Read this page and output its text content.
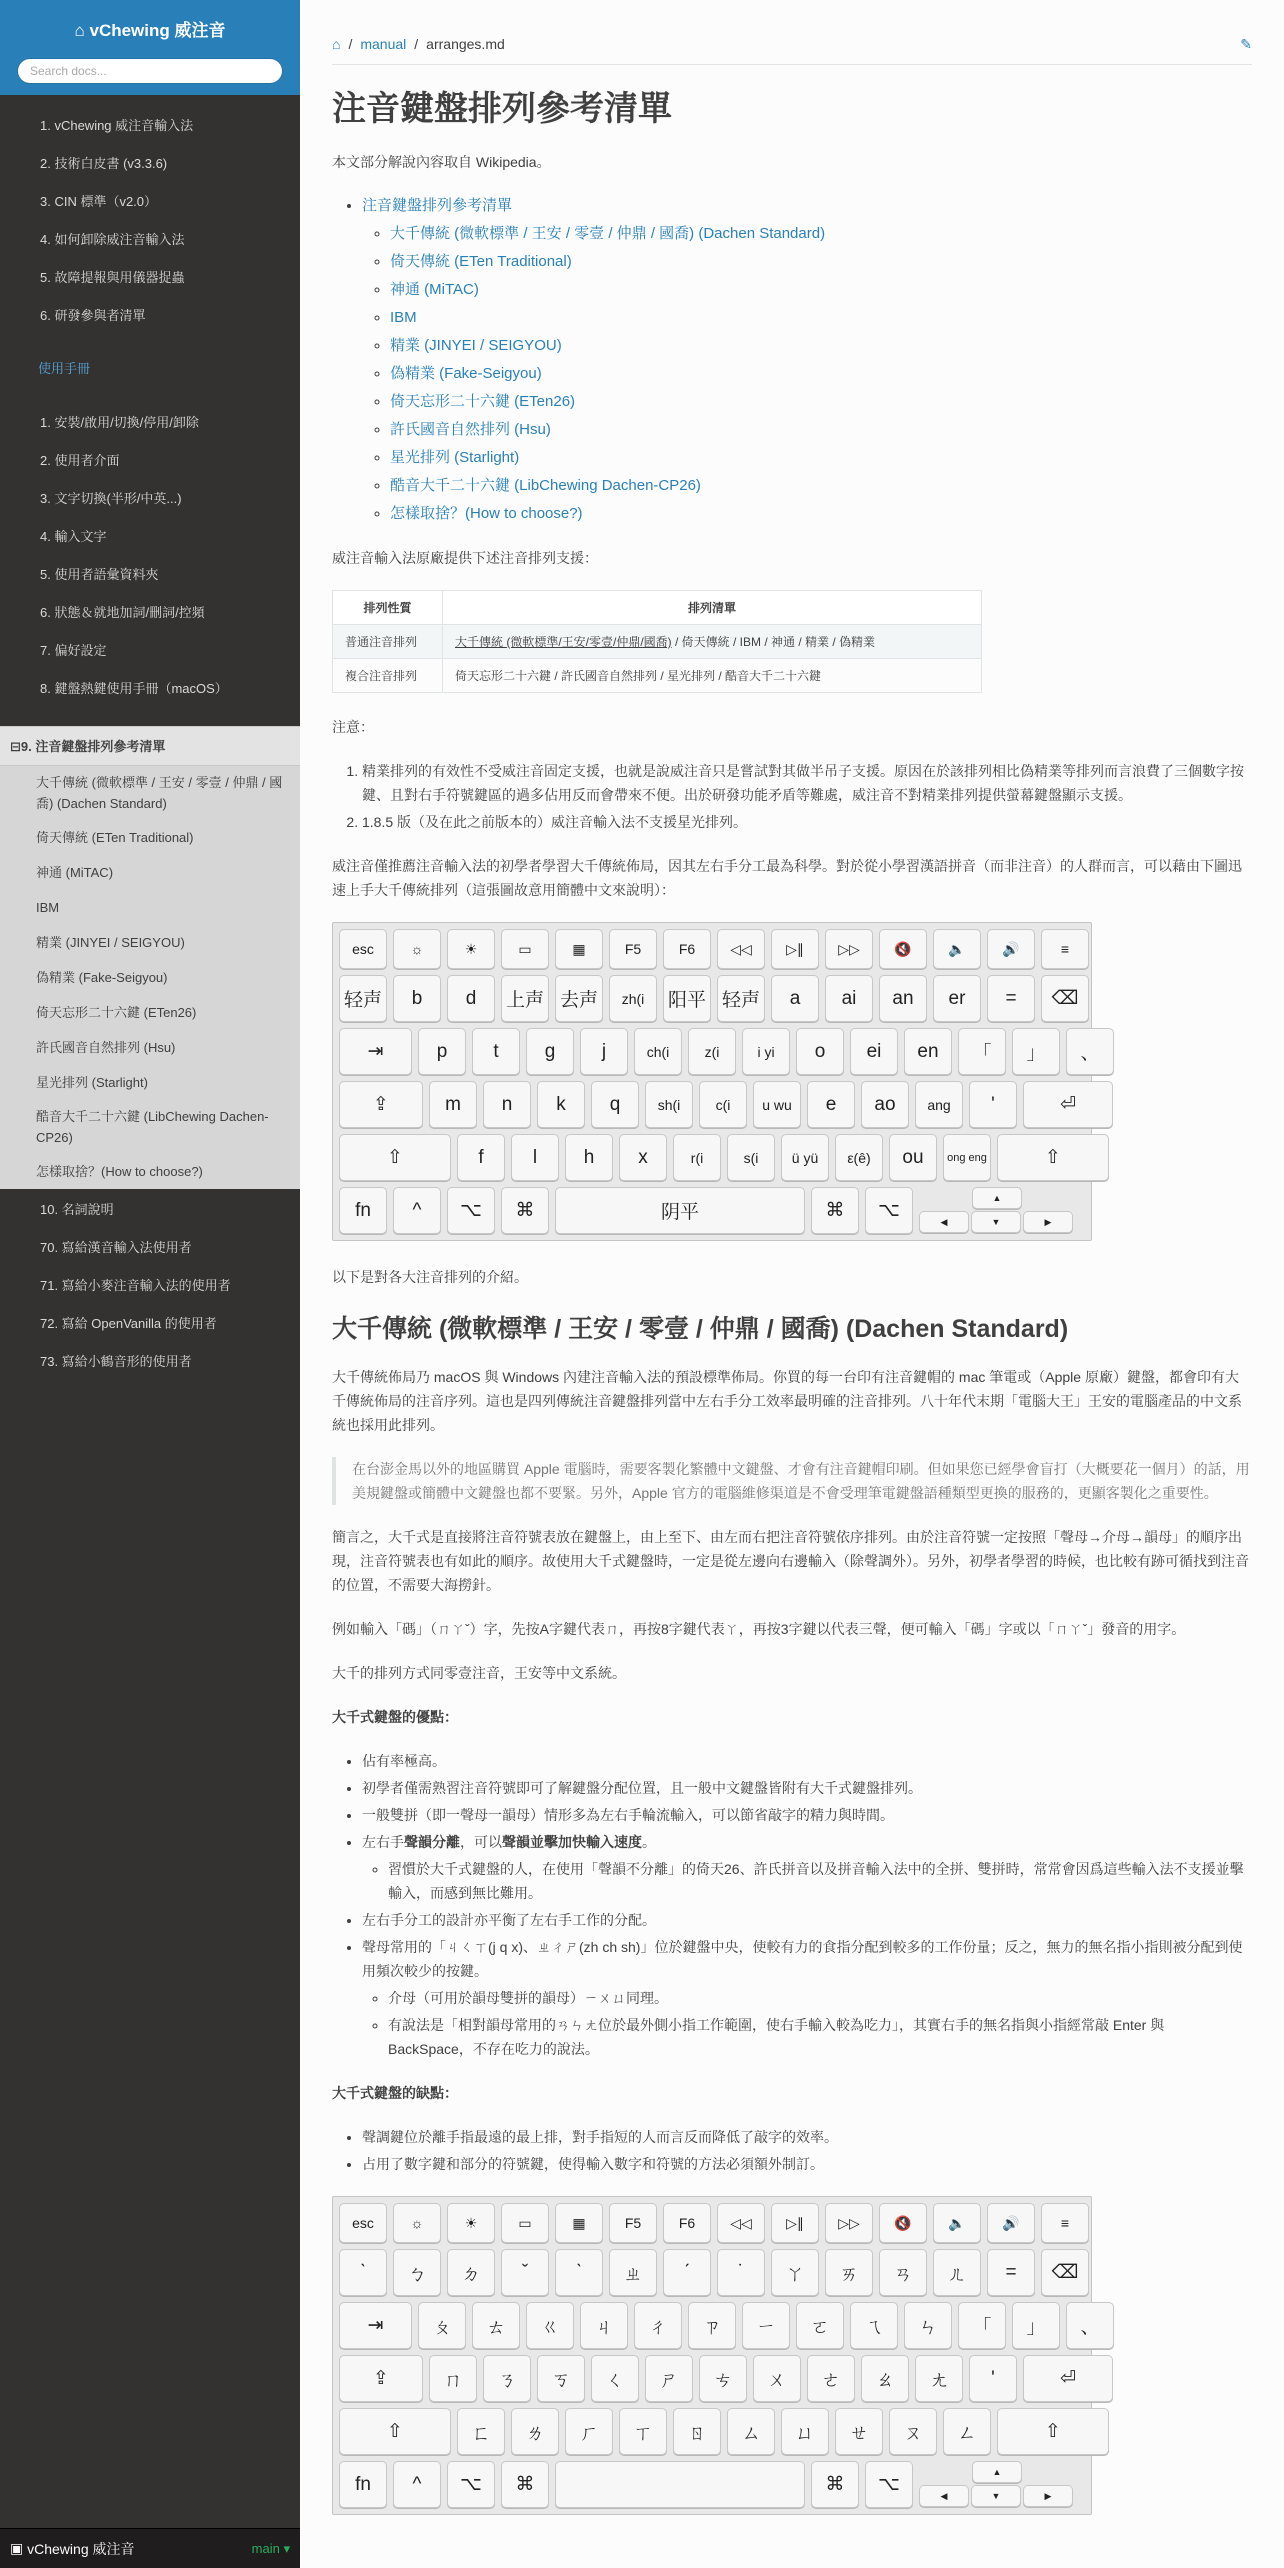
⌂ vChewing 威注音
Search docs...
1. vChewing 威注音輸入法
2. 技術白皮書 (v3.3.6)
3. CIN 標準（v2.0）
4. 如何卸除威注音輸入法
5. 故障提報與用儀器捉蟲
6. 研發參與者清單
使用手冊
1. 安裝/啟用/切換/停用/卸除
2. 使用者介面
3. 文字切換(半形/中英...)
4. 輸入文字
5. 使用者語彙資料夾
6. 狀態＆就地加詞/刪詞/控頻
7. 偏好設定
8. 鍵盤熱鍵使用手冊（macOS）
⊟9. 注音鍵盤排列參考清單
大千傳統 (微軟標準 / 王安 / 零壹 / 仲鼎 / 國喬) (Dachen Standard)
倚天傳統 (ETen Traditional)
神通 (MiTAC)
IBM
精業 (JINYEI / SEIGYOU)
偽精業 (Fake-Seigyou)
倚天忘形二十六鍵 (ETen26)
許氏國音自然排列 (Hsu)
星光排列 (Starlight)
酷音大千二十六鍵 (LibChewing Dachen-CP26)
怎樣取捨？(How to choose?)
10. 名詞說明
70. 寫給漢音輸入法使用者
71. 寫給小麥注音輸入法的使用者
72. 寫給 OpenVanilla 的使用者
73. 寫給小鶴音形的使用者
▣ vChewing 威注音	main ▾
⌂ / manual / arranges.md	✎
注音鍵盤排列參考清單

本文部分解說內容取自 Wikipedia。

• 注音鍵盤排列參考清單
◦ 大千傳統 (微軟標準 / 王安 / 零壹 / 仲鼎 / 國喬) (Dachen Standard)
◦ 倚天傳統 (ETen Traditional)
◦ 神通 (MiTAC)
◦ IBM
◦ 精業 (JINYEI / SEIGYOU)
◦ 偽精業 (Fake-Seigyou)
◦ 倚天忘形二十六鍵 (ETen26)
◦ 許氏國音自然排列 (Hsu)
◦ 星光排列 (Starlight)
◦ 酷音大千二十六鍵 (LibChewing Dachen-CP26)
◦ 怎樣取捨？(How to choose?)

威注音輸入法原廠提供下述注音排列支援：

排列性質	排列清單
普通注音排列	大千傳統 (微軟標準/王安/零壹/仲鼎/國喬) / 倚天傳統 / IBM / 神通 / 精業 / 偽精業
複合注音排列	倚天忘形二十六鍵 / 許氏國音自然排列 / 星光排列 / 酷音大千二十六鍵

注意：

1. 精業排列的有效性不受威注音固定支援，也就是說威注音只是嘗試對其做半吊子支援。原因在於該排列相比偽精業等排列而言浪費了三個數字按鍵、且對右手符號鍵區的過多佔用反而會帶來不便。出於研發功能矛盾等難處，威注音不對精業排列提供螢幕鍵盤顯示支援。
2. 1.8.5 版（及在此之前版本的）威注音輸入法不支援星光排列。

威注音僅推薦注音輸入法的初學者學習大千傳統佈局，因其左右手分工最為科學。對於從小學習漢語拼音（而非注音）的人群而言，可以藉由下圖迅速上手大千傳統排列（這張圖故意用簡體中文來說明）：

esc	☼	☀	▭	▦	F5	F6	◁◁	▷∥	▷▷	🔇	🔈	🔊	≡
轻声	b	d	上声 去声	zh(i	阳平 轻声	a	ai	an	er	=	⌫
⇥	p	t	g	j	ch(i	z(i	i yi	o	ei	en	「	」	、
⇪	m	n	k	q	sh(i	c(i	u wu	e	ao	ang	'	⏎
⇧	f	l	h	x	r(i	s(i	ü yü	ε(ê)	ou	ong eng	⇧
fn	^	⌥	⌘	阴平	⌘	⌥
▲
◀	▼	▶

以下是對各大注音排列的介紹。

大千傳統 (微軟標準 / 王安 / 零壹 / 仲鼎 / 國喬) (Dachen Standard)

大千傳統佈局乃 macOS 與 Windows 內建注音輸入法的預設標準佈局。你買的每一台印有注音鍵帽的 mac 筆電或（Apple 原廠）鍵盤，都會印有大千傳統佈局的注音序列。這也是四列傳統注音鍵盤排列當中左右手分工效率最明確的注音排列。八十年代末期「電腦大王」王安的電腦產品的中文系統也採用此排列。

在台澎金馬以外的地區購買 Apple 電腦時，需要客製化繁體中文鍵盤、才會有注音鍵帽印刷。但如果您已經學會盲打（大概要花一個月）的話，用美規鍵盤或簡體中文鍵盤也都不要緊。另外，Apple 官方的電腦維修渠道是不會受理筆電鍵盤語種類型更換的服務的，更顯客製化之重要性。

簡言之，大千式是直接將注音符號表放在鍵盤上，由上至下、由左而右把注音符號依序排列。由於注音符號一定按照「聲母→介母→韻母」的順序出現，注音符號表也有如此的順序。故使用大千式鍵盤時，一定是從左邊向右邊輸入（除聲調外）。另外，初學者學習的時候，也比較有跡可循找到注音的位置，不需要大海撈針。

例如輸入「碼」（ㄇㄚˇ）字，先按A字鍵代表ㄇ，再按8字鍵代表ㄚ，再按3字鍵以代表三聲，便可輸入「碼」字或以「ㄇㄚˇ」發音的用字。

大千的排列方式同零壹注音，王安等中文系統。

大千式鍵盤的優點：

• 佔有率極高。
• 初學者僅需熟習注音符號即可了解鍵盤分配位置，且一般中文鍵盤皆附有大千式鍵盤排列。
• 一般雙拼（即一聲母一韻母）情形多為左右手輪流輸入，可以節省敲字的精力與時間。
• 左右手聲韻分離，可以聲韻並擊加快輸入速度。
◦ 習慣於大千式鍵盤的人，在使用「聲韻不分離」的倚天26、許氏拼音以及拼音輸入法中的全拼、雙拼時，常常會因爲這些輸入法不支援並擊輸入，而感到無比難用。
• 左右手分工的設計亦平衡了左右手工作的分配。
• 聲母常用的「ㄐㄑㄒ(j q x)、ㄓㄔㄕ(zh ch sh)」位於鍵盤中央，使較有力的食指分配到較多的工作份量；反之，無力的無名指小指則被分配到使用頻次較少的按鍵。
◦ 介母（可用於韻母雙拼的韻母）ㄧㄨㄩ同理。
◦ 有說法是「相對韻母常用的ㄢㄣㄤ位於最外側小指工作範圍，使右手輸入較為吃力」，其實右手的無名指與小指經常敲 Enter 與 BackSpace，不存在吃力的說法。

大千式鍵盤的缺點：

• 聲調鍵位於離手指最遠的最上排，對手指短的人而言反而降低了敲字的效率。
• 占用了數字鍵和部分的符號鍵，使得輸入數字和符號的方法必須額外制訂。
esc	☼	☀	▭	▦	F5	F6	◁◁	▷∥	▷▷	🔇	🔈	🔊	≡
ˋ	ㄅ	ㄉ	ˇ	ˋ	ㄓ	ˊ	˙	ㄚ	ㄞ	ㄢ	ㄦ	=	⌫
⇥	ㄆ	ㄊ	ㄍ	ㄐ	ㄔ	ㄗ	ㄧ	ㄛ	ㄟ	ㄣ	「	」	、
⇪	ㄇ	ㄋ	ㄎ	ㄑ	ㄕ	ㄘ	ㄨ	ㄜ	ㄠ	ㄤ	'	⏎
⇧	ㄈ	ㄌ	ㄏ	ㄒ	ㄖ	ㄙ	ㄩ	ㄝ	ㄡ	ㄥ	⇧
fn	^	⌥	⌘	⌘	⌥
▲
◀	▼	▶
